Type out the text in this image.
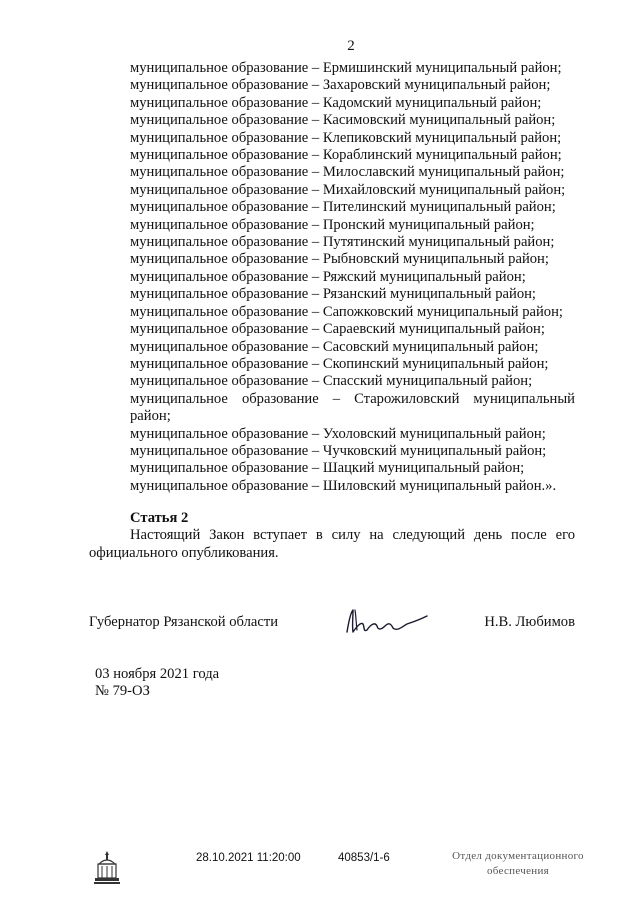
2
муниципальное образование – Ермишинский муниципальный район;
муниципальное образование – Захаровский муниципальный район;
муниципальное образование – Кадомский муниципальный район;
муниципальное образование – Касимовский муниципальный район;
муниципальное образование – Клепиковский муниципальный район;
муниципальное образование – Кораблинский муниципальный район;
муниципальное образование – Милославский муниципальный район;
муниципальное образование – Михайловский муниципальный район;
муниципальное образование – Пителинский муниципальный район;
муниципальное образование – Пронский муниципальный район;
муниципальное образование – Путятинский муниципальный район;
муниципальное образование – Рыбновский муниципальный район;
муниципальное образование – Ряжский муниципальный район;
муниципальное образование – Рязанский муниципальный район;
муниципальное образование – Сапожковский муниципальный район;
муниципальное образование – Сараевский муниципальный район;
муниципальное образование – Сасовский муниципальный район;
муниципальное образование – Скопинский муниципальный район;
муниципальное образование – Спасский муниципальный район;
муниципальное образование – Старожиловский муниципальный район;
муниципальное образование – Ухоловский муниципальный район;
муниципальное образование – Чучковский муниципальный район;
муниципальное образование – Шацкий муниципальный район;
муниципальное образование – Шиловский муниципальный район.».
Статья 2
Настоящий Закон вступает в силу на следующий день после его официального опубликования.
Губернатор Рязанской области	Н.В. Любимов
03 ноября 2021 года
№ 79-ОЗ
28.10.2021 11:20:00	40853/1-6	Отдел документационного
обеспечения
